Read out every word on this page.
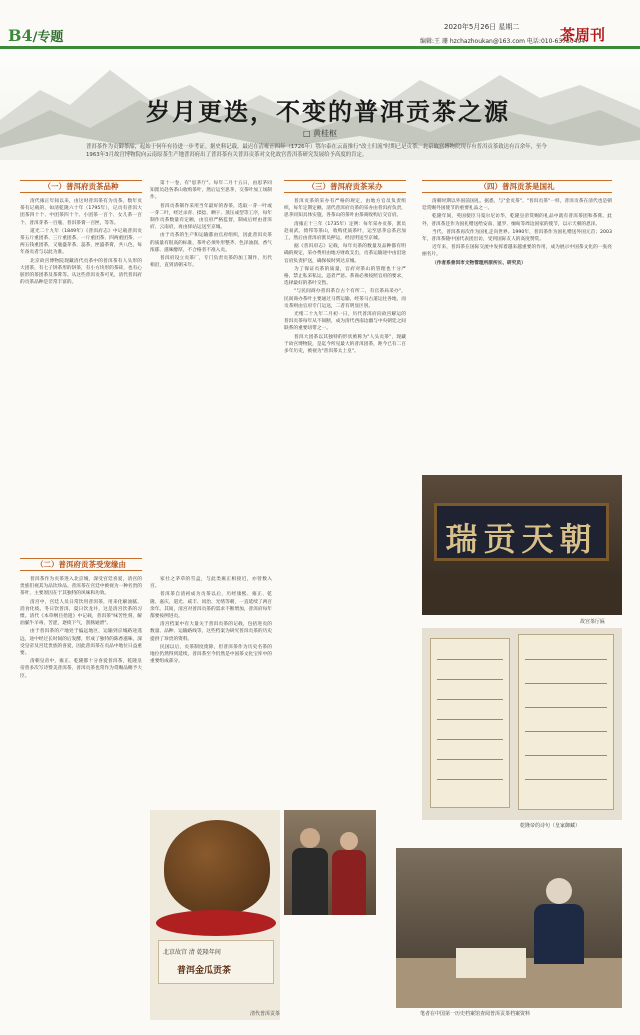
B4/专题
2020年5月26日 星期二
编辑:王 珊 hzchazhoukan@163.com 电话:010-63730494
茶周刊
岁月更迭，不变的普洱贡茶之源
□ 黄桂枢
普洱茶作为贡御茶品，起始于何年有待进一步考证。据史料记载，最迟在清雍正四年（1726年）鄂尔泰在云南推行"改土归流"时期已是贡茶。北京故宫博物院现存有普洱贡茶致达有百余年，至今1963年3月故宫博物院向云南原茶生产地普洱府出了普洱茶有关普洱贡茶对文化故宫普洱茶研究发展给予高度的肯定。
（一）普洱府贡茶品种
（二）普洱府贡茶受宠缘由
（三）普洱府贡茶采办	（四）普洱贡茶是国礼

清代雍正年间以来，由这时普洱茶有为贡茶。数年贡茶有记载的，如清乾隆六十年（1795年），记贡有普洱大团茶四十个、中团茶四十个、小团茶一百个、女儿茶一百个、普洱芽茶一百瓶、普洱茶膏一百匣，等等。

道光二十九年（1849年）《普洱府志》中记载普洱贡茶五斤重团茶、三斤重团茶、一斤重团茶、四两重团茶、一两五钱重团茶，又瓶盛芽茶、蕊茶，匣盛茶膏，共八色，每年备贡者与以此为准。

北京故宫博物院现藏清代贡茶中的普洱茶有人头形的大团茶，有七子饼茶形的饼茶，有小方块形的茶砖，也有心脏形的茶团茶及茶膏等。从这些普洱贡茶可见，清代普洱府的贡茶品种是非常丰富的。

普洱茶作为贡茶进入北京城，深受宫廷喜爱，清宫的贵族们视其为品饮珍品。普洱茶在宫廷中被视为一种名贵的茶叶，主要原因在于其独特的风味和功效。

清宫中，宫廷人员日常饮用普洱茶，用来化解油腻、消食化痰。冬日饮普洱，夏日饮龙井，这是清宫饮茶的习惯。清代《本草纲目拾遗》中记载，普洱茶"味苦性刻，解油腻牛羊毒，苦涩，逐痰下气，刮肠通泄"。

由于普洱茶的产地处于偏远地区，运输到京城路途遥远，途中经过长时间的后发酵，形成了独特的陈香滋味，深受皇帝及宫廷贵族的喜爱，因此普洱茶在贡品中地位日益重要。

清朝皇帝中，雍正、乾隆都十分喜爱普洱茶，乾隆皇帝曾多次写诗赞美普洱茶，普洱贡茶也常作为赏赐品赐予大臣。

第十一卷，有"思茅厅"。每年二月十五日，由思茅同知派员赴各茶山收购茶叶，然后运至思茅，交茶叶加工场制作。

普洱贡茶制作采用当年最好的春茶，选取一芽一叶或一芽二叶，经过杀青、揉捻、晒干、蒸压成型等工序，每年制作贡茶数量有定额，由官府严格监督，制成后经由普洱府、云南府，再由驿站运送至京城。

由于贡茶的生产和运输都由官府组织，因此普洱贡茶的质量有很高的标准，茶叶必须外形整齐、色泽油润、香气浓郁、滋味醇厚，不合格者不准入贡。

普洱府设立贡茶厂，专门负责贡茶的加工制作，历代相沿，直到清朝末年。

家社之茅草的雪盒，与此类雍正相接近，亦曾数入宫。

普洱茶自清初成为贡茶以后，历经康熙、雍正、乾隆、嘉庆、道光、咸丰、同治、光绪等朝，一直延续了两百余年。其间，清宫对普洱贡茶的需求不断增加，普洱府每年都要按例进贡。

清宫档案中有大量关于普洱贡茶的记载，包括进贡的数量、品种、运输路线等，这些档案为研究普洱贡茶的历史提供了珍贵的资料。

民国以后，贡茶制度废除，但普洱茶作为历史名茶的地位仍然得到延续，普洱茶至今仍然是中国茶文化宝库中的重要组成部分。

普洱贡茶的采办有严格的规定，由地方官员负责组织，每年定期定额。清代普洱府贡茶的采办由普洱府负责，思茅同知具体实施，各茶山的茶叶由茶商收购后交官府。

清雍正十三年（1735年）定例：每年采办贡茶，派员赴易武、倚邦等茶山，收购优质茶叶，运至思茅总茶店加工，然后由普洱府派员押运，经昆明送至京城。

据《普洱府志》记载，每年贡茶的数量及品种都有明确的规定，采办费用由地方财政支出，贡茶运输途中由沿途官府负责护送，确保按时到达京城。

为了保证贡茶的质量，官府对茶山的管理也十分严格，禁止私采私运，违者严惩。茶商必须按照官府的要求，选择最好的茶叶交售。

"与民间商办普洱茶自古个有所二，有官茶局采办"，民间商办茶叶主要通过马帮运输，经茶马古道运往各地，而贡茶则由官府专门运送，二者有明显区别。

光绪二十九年二月初一日，历代普洱府向故宫解运的普洱贡茶每年从不间断，成为清代西南边疆与中央朝廷之间联系的重要纽带之一。

普洱大团茶以其独特的形状被称为"人头贡茶"，现藏于故宫博物院，是迄今所见最大的普洱团茶，距今已有二百多年历史，被视为"普洱茶太上皇"。

清朝时期以外国前国礼。据悉，与"金贡茶"、"普洱贡茶"一样，普洱贡茶在清代也是朝廷赏赐外国使节的重要礼品之一。

乾隆年间，英国使臣马戛尔尼访华，乾隆皇帝赏赐的礼品中就有普洱茶团和茶膏。此外，普洱茶还作为国礼赠送给安南、暹罗、缅甸等周边国家的使节，以示天朝的恩泽。

当代，普洱茶再次作为国礼走向世界。1990年，普洱茶作为国礼赠送外国元首；2003年，普洱茶随中国代表团出访，受到国际友人的高度赞赏。

近年来，普洱茶在国际交流中发挥着越来越重要的作用，成为展示中国茶文化的一张亮丽名片。

（作者系普洱市文物管理所原所长、研究员）

瑞贡天朝
故宫茶厅匾
乾隆帝的诗句（皇家御藏）
北京故宫 清 乾隆年间
普洱金瓜贡茶
清代普洱贡茶	笔者在中国第一历史档案馆查阅普洱贡茶档案资料
